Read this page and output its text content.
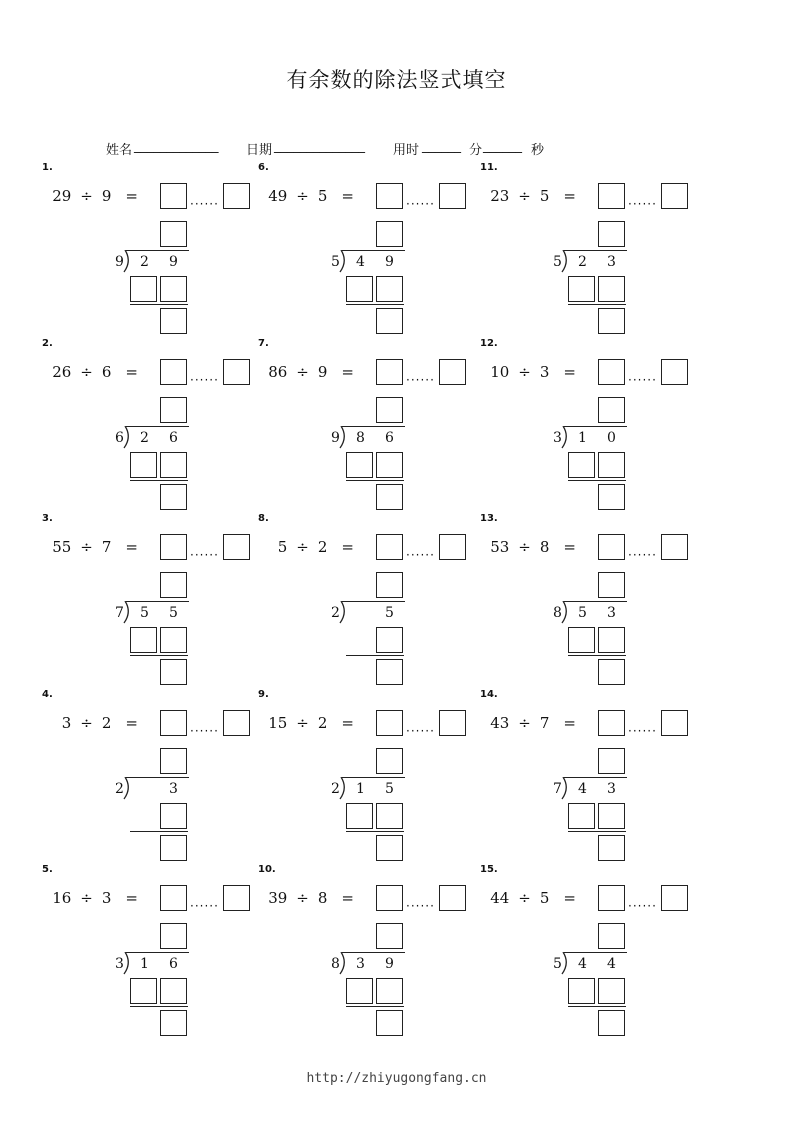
有余数的除法竖式填空
姓名 _____________ 日期 ______________ 用时 ______ 分 ______ 秒
1.
29 ÷ 9 =	······
9 2 9
2.
26 ÷ 6 =	······
6 2 6
3.
55 ÷ 7 =	······
7 5 5
4.
3 ÷ 2 =	······
2	3
5.
16 ÷ 3 =	······
3 1 6
6.
49 ÷ 5 =	······
5 4 9
7.
86 ÷ 9 =	······
9 8 6
8.
5 ÷ 2 =	······
2	5
9.
15 ÷ 2 =	······
2 1 5
10.
39 ÷ 8 =	······
8 3 9
11.
23 ÷ 5 =	······
5 2 3
12.
10 ÷ 3 =	······
3 1 0
13.
53 ÷ 8 =	······
8 5 3
14.
43 ÷ 7 =	······
7 4 3
15.
44 ÷ 5 =	······
5 4 4
http://zhiyugongfang.cn
